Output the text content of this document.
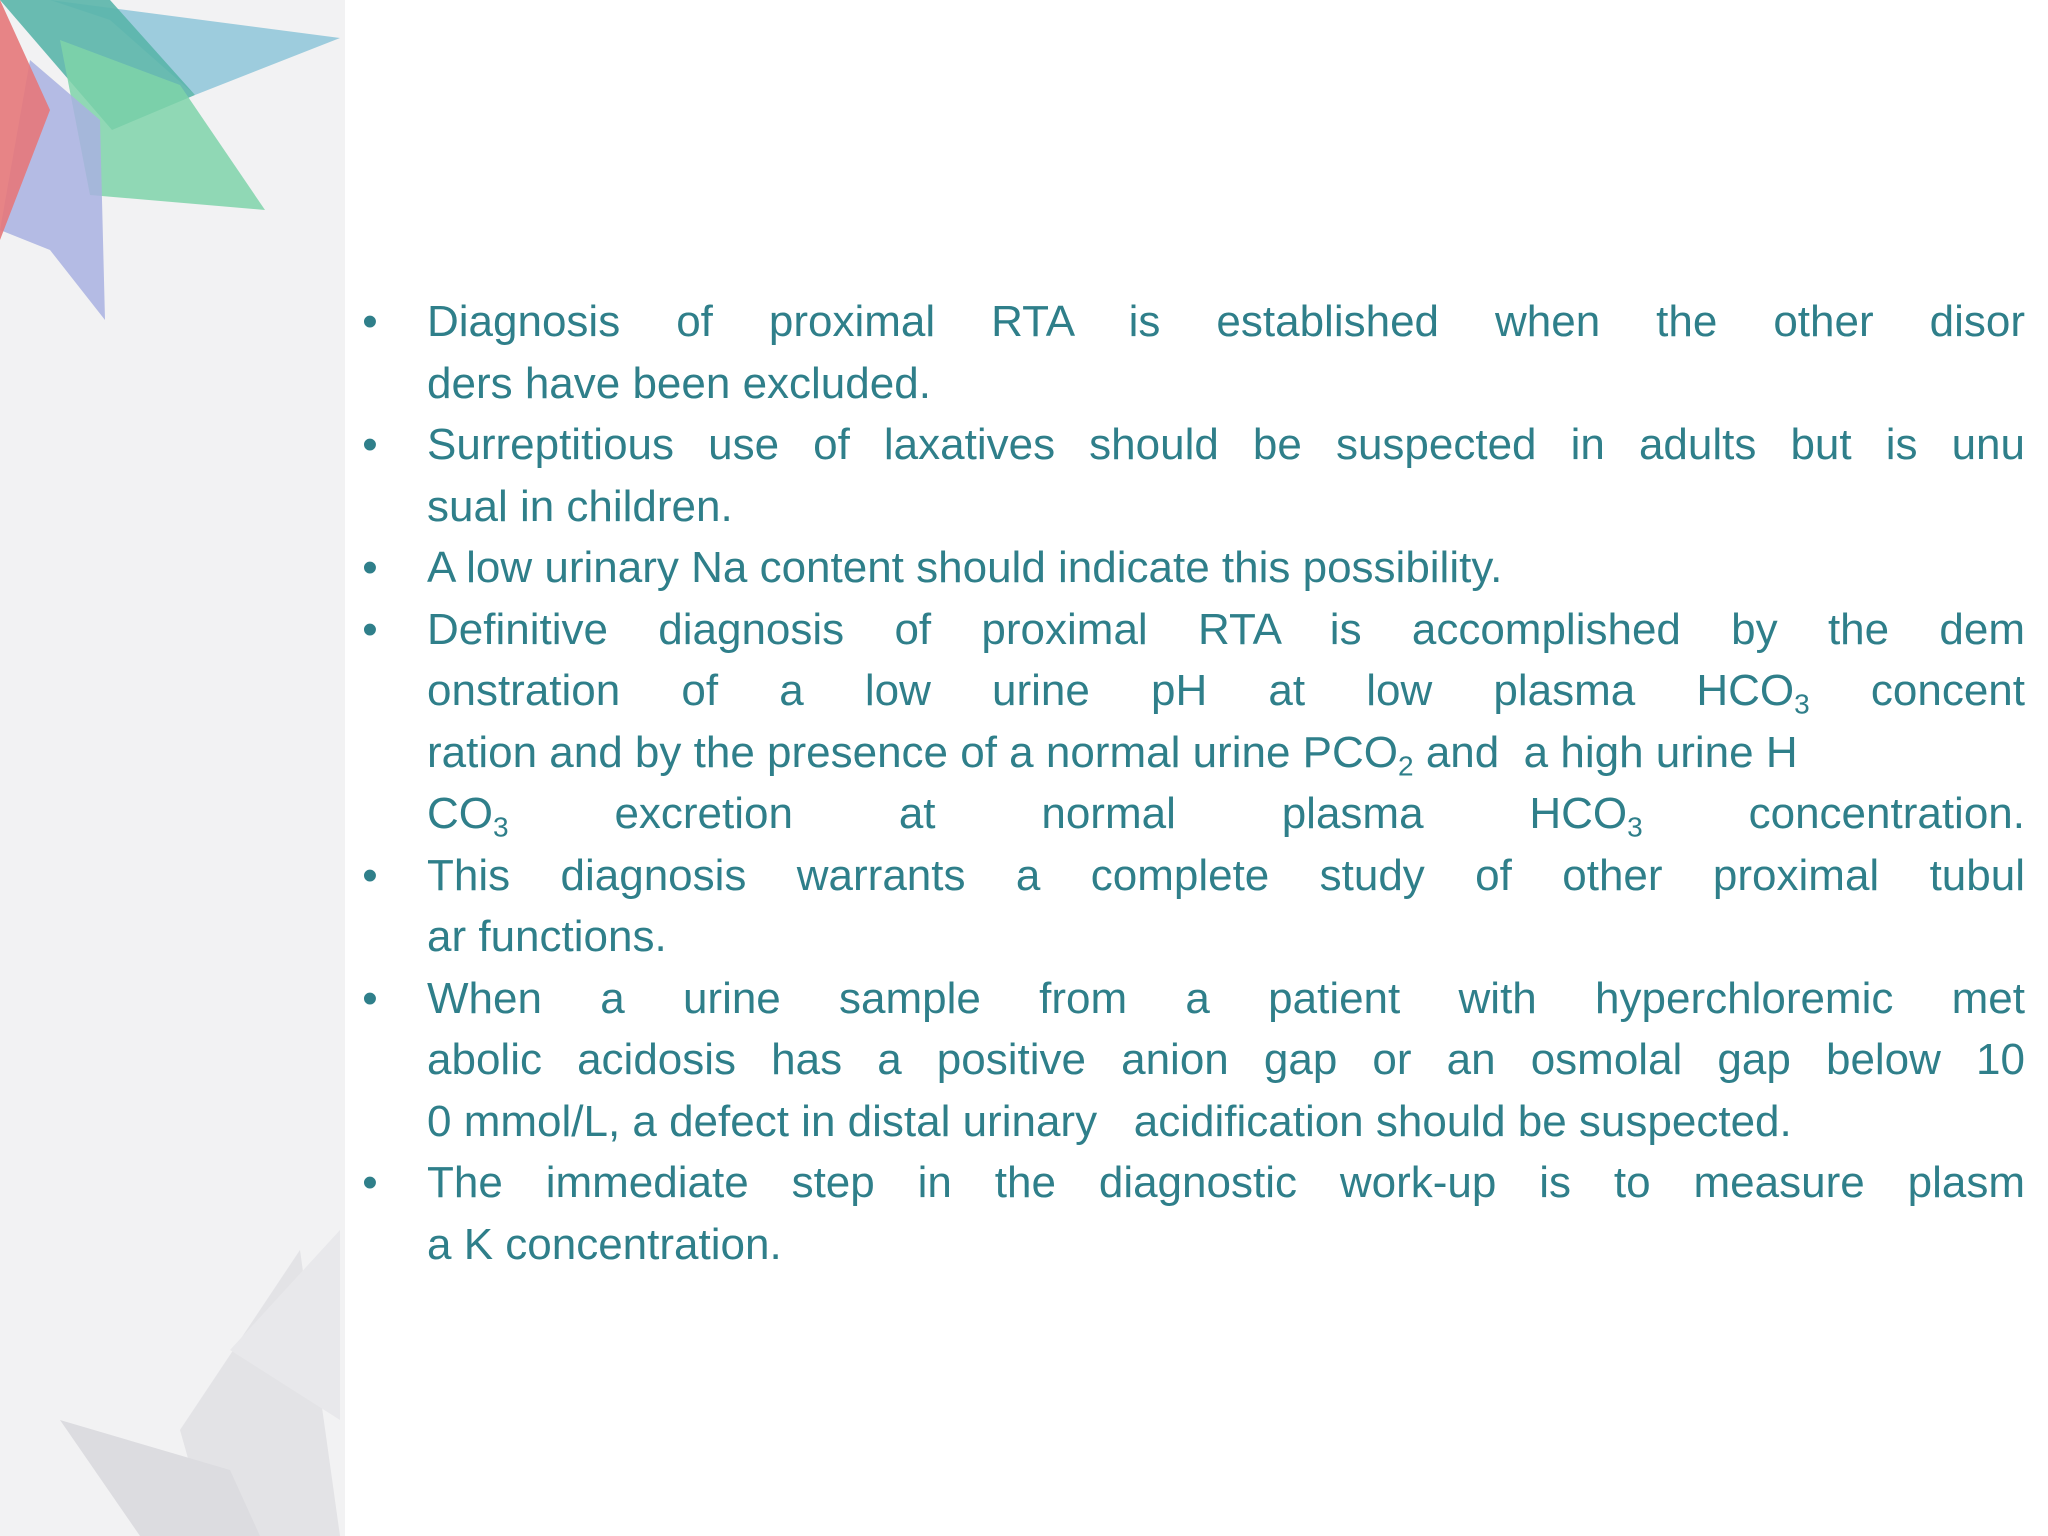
• Diagnosis of proximal RTA is established when the other disor
ders have been excluded.
• Surreptitious use of laxatives should be suspected in adults but is unu
sual in children.
• A low urinary Na content should indicate this possibility.
• Definitive diagnosis of proximal RTA is accomplished by the dem
onstration of a low urine pH at low plasma $HCO_3$ concent
ration and by the presence of a normal urine $PCO_2$ and  a high urine H
$CO_3$ excretion at normal plasma $HCO_3$ concentration.
• This diagnosis warrants a complete study of other proximal tubul
ar functions.
• When a urine sample from a patient with hyperchloremic met
abolic acidosis has a positive anion gap or an osmolal gap below 10
0 mmol/L, a defect in distal urinary   acidification should be suspected.
• The immediate step in the diagnostic work-up is to measure plasm
a K concentration.
